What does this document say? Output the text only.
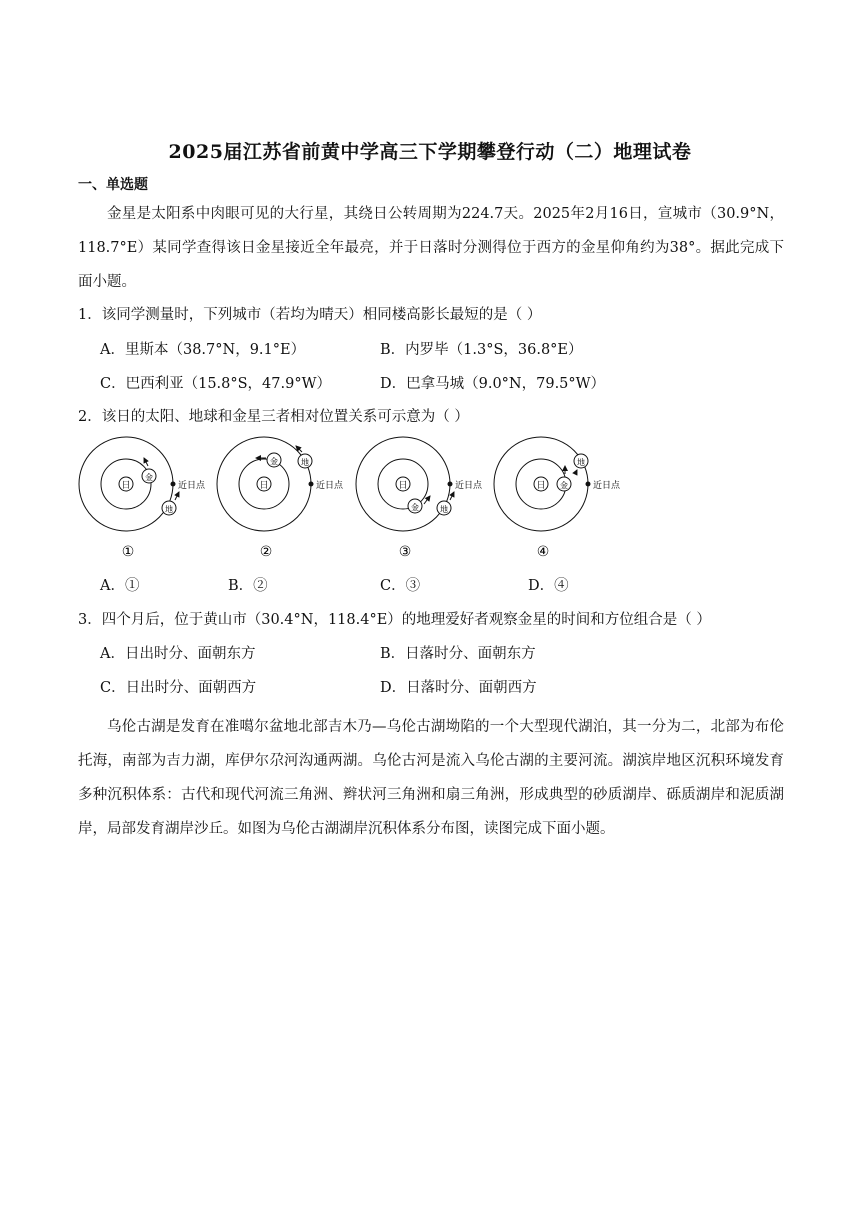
2025届江苏省前黄中学高三下学期攀登行动（二）地理试卷

一、单选题

金星是太阳系中肉眼可见的大行星，其绕日公转周期为224.7天。2025年2月16日，宣城市（30.9°N，118.7°E）某同学查得该日金星接近全年最亮，并于日落时分测得位于西方的金星仰角约为38°。据此完成下面小题。

1．该同学测量时，下列城市（若均为晴天）相同楼高影长最短的是（ ）

A．里斯本（38.7°N，9.1°E）	B．内罗毕（1.3°S，36.8°E）

C．巴西利亚（15.8°S，47.9°W）	D．巴拿马城（9.0°N，79.5°W）

2．该日的太阳、地球和金星三者相对位置关系可示意为（ ）

日
金
地
近日点
①
日
金	地
近日点
②
日
金	地
近日点
③
日 金
地
近日点
④

A．①	B．②	C．③	D．④

3．四个月后，位于黄山市（30.4°N，118.4°E）的地理爱好者观察金星的时间和方位组合是（ ）

A．日出时分、面朝东方	B．日落时分、面朝东方

C．日出时分、面朝西方	D．日落时分、面朝西方

乌伦古湖是发育在准噶尔盆地北部吉木乃—乌伦古湖坳陷的一个大型现代湖泊，其一分为二，北部为布伦托海，南部为吉力湖，库伊尔尕河沟通两湖。乌伦古河是流入乌伦古湖的主要河流。湖滨岸地区沉积环境发育多种沉积体系：古代和现代河流三角洲、辫状河三角洲和扇三角洲，形成典型的砂质湖岸、砾质湖岸和泥质湖岸，局部发育湖岸沙丘。如图为乌伦古湖湖岸沉积体系分布图，读图完成下面小题。
